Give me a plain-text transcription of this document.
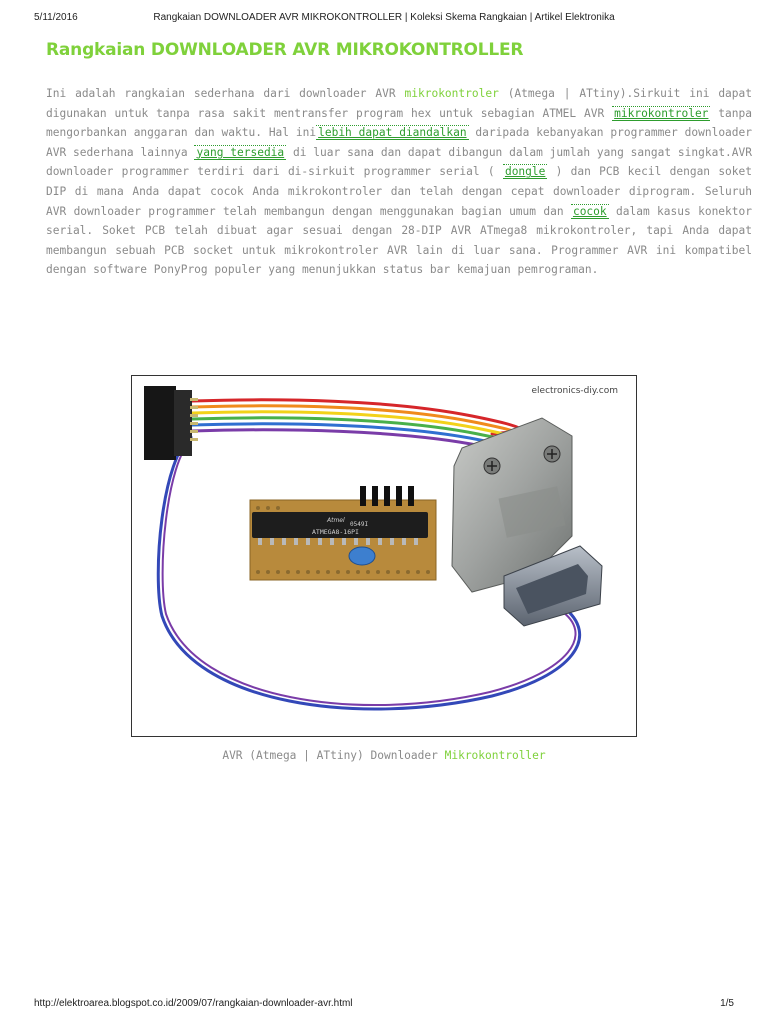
5/11/2016	Rangkaian DOWNLOADER AVR MIKROKONTROLLER | Koleksi Skema Rangkaian | Artikel Elektronika
Rangkaian DOWNLOADER AVR MIKROKONTROLLER

Ini adalah rangkaian sederhana dari downloader AVR mikrokontroler (Atmega | ATtiny).Sirkuit ini dapat digunakan untuk tanpa rasa sakit mentransfer program hex untuk sebagian ATMEL AVR mikrokontroler tanpa mengorbankan anggaran dan waktu. Hal ini lebih dapat diandalkan daripada kebanyakan programmer downloader AVR sederhana lainnya yang tersedia di luar sana dan dapat dibangun dalam jumlah yang sangat singkat.AVR downloader programmer terdiri dari di-sirkuit programmer serial ( dongle ) dan PCB kecil dengan soket DIP di mana Anda dapat cocok Anda mikrokontroler dan telah dengan cepat downloader diprogram. Seluruh AVR downloader programmer telah membangun dengan menggunakan bagian umum dan cocok dalam kasus konektor serial. Soket PCB telah dibuat agar sesuai dengan 28-DIP AVR ATmega8 mikrokontroler, tapi Anda dapat membangun sebuah PCB socket untuk mikrokontroler AVR lain di luar sana. Programmer AVR ini kompatibel dengan software PonyProg populer yang menunjukkan status bar kemajuan pemrograman.

electronics-diy.com
Atmel
0549I
ATMEGA8-16PI
AVR (Atmega | ATtiny) Downloader Mikrokontroller
http://elektroarea.blogspot.co.id/2009/07/rangkaian-downloader-avr.html	1/5
